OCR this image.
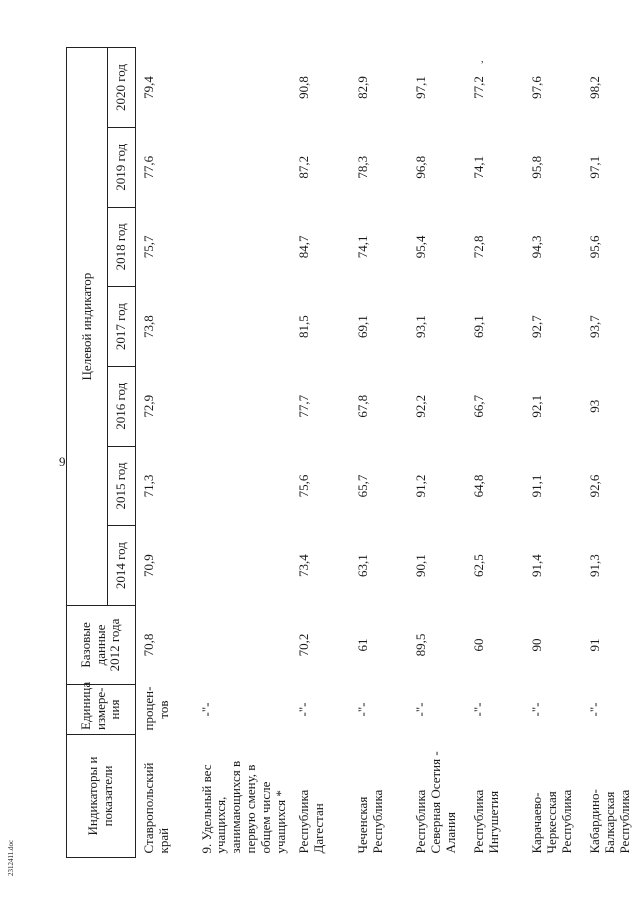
9
,
2312411.doc
Индикаторы и показатели	Единица измере-ния	Базовые данные 2012 года	Целевой индикатор						
			2014 год	2015 год	2016 год	2017 год	2018 год	2019 год	2020 год
Ставропольский край	процен-тов	70,8	70,9	71,3	72,9	73,8	75,7	77,6	79,4
9. Удельный вес учащихся, занимающихся в первую смену, в общем числе учащихся *	-"-								
Республика Дагестан	-"-	70,2	73,4	75,6	77,7	81,5	84,7	87,2	90,8
Чеченская Республика	-"-	61	63,1	65,7	67,8	69,1	74,1	78,3	82,9
Республика Северная Осетия - Алания	-"-	89,5	90,1	91,2	92,2	93,1	95,4	96,8	97,1
Республика Ингушетия	-"-	60	62,5	64,8	66,7	69,1	72,8	74,1	77,2
Карачаево-Черкесская Республика	-"-	90	91,4	91,1	92,1	92,7	94,3	95,8	97,6
Кабардино-Балкарская Республика	-"-	91	91,3	92,6	93	93,7	95,6	97,1	98,2
